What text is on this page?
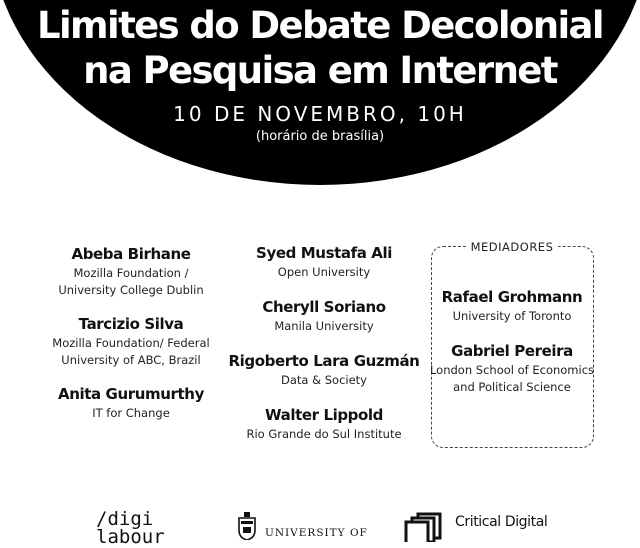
Limites do Debate Decolonial
na Pesquisa em Internet
10 DE NOVEMBRO, 10H
(horário de brasília)
Abeba Birhane
Mozilla Foundation /
University College Dublin
Tarcizio Silva
Mozilla Foundation/ Federal
University of ABC, Brazil
Anita Gurumurthy
IT for Change
Syed Mustafa Ali
Open University
Cheryll Soriano
Manila University
Rigoberto Lara Guzmán
Data & Society
Walter Lippold
Rio Grande do Sul Institute
MEDIADORES
Rafael Grohmann
University of Toronto
Gabriel Pereira
London School of Economics
and Political Science
/digi
labour	UNIVERSITY OF
Critical Digital
